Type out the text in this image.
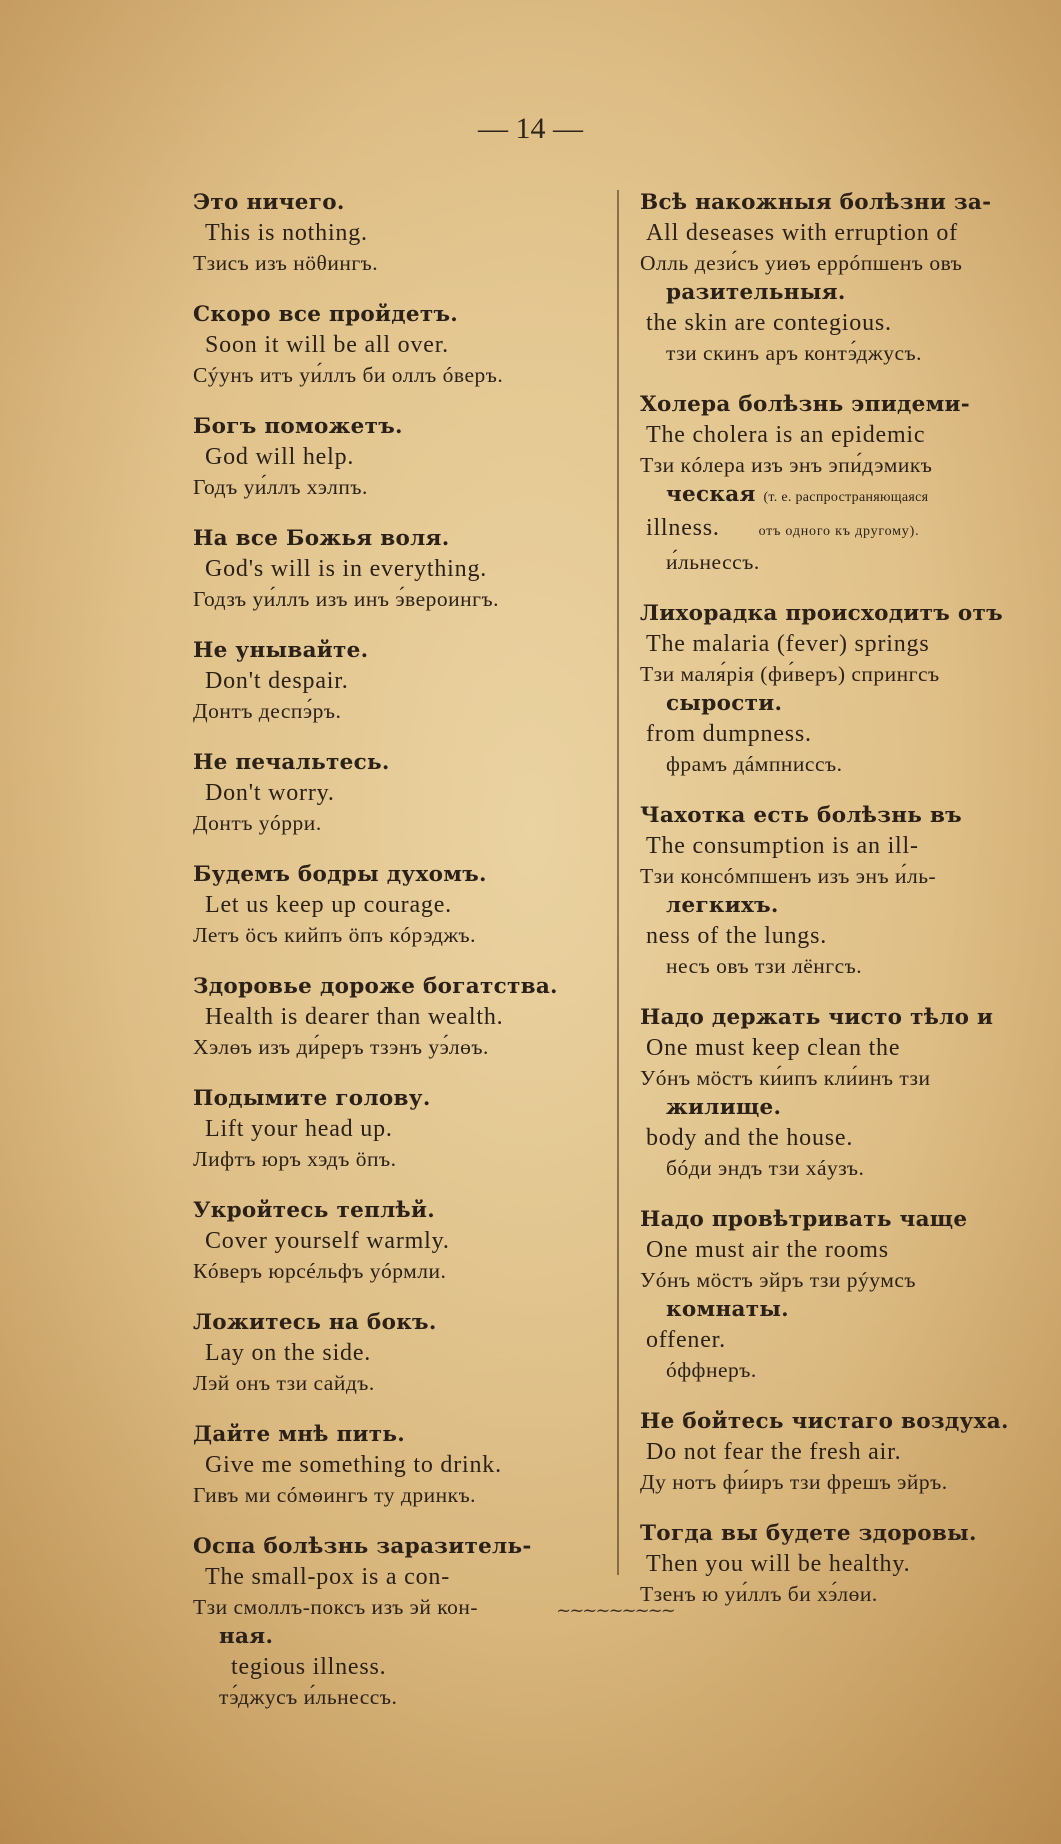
— 14 —
Это ничего.
This is nothing.
Тзисъ изъ нöθингъ.
Скоро все пройдетъ.
Soon it will be all over.
Сýунъ итъ уи́ллъ би оллъ óверъ.
Богъ поможетъ.
God will help.
Годъ уи́ллъ хэлпъ.
На все Божья воля.
God's will is in everything.
Годзъ уи́ллъ изъ инъ э́вероингъ.
Не унывайте.
Don't despair.
Донтъ деспэ́ръ.
Не печальтесь.
Don't worry.
Донтъ уóрри.
Будемъ бодры духомъ.
Let us keep up courage.
Летъ öсъ кийпъ öпъ кóрэджъ.
Здоровье дороже богатства.
Health is dearer than wealth.
Хэлөъ изъ ди́реръ тзэнъ уэ́лөъ.
Подымите голову.
Lift your head up.
Лифтъ юръ хэдъ öпъ.
Укройтесь теплѣй.
Cover yourself warmly.
Кóверъ юрсéльфъ уóрмли.
Ложитесь на бокъ.
Lay on the side.
Лэй онъ тзи сайдъ.
Дайте мнѣ пить.
Give me something to drink.
Гивъ ми сóмөингъ ту дринкъ.
Оспа болѣзнь заразитель-
The small-pox is a con-
Тзи смоллъ-поксъ изъ эй кон-
ная.
tegious illness.
тэ́джусъ и́льнессъ.
Всѣ накожныя болѣзни за-
All deseases with erruption of
Олль дези́съ уиөъ еррóпшенъ овъ
разительныя.
the skin are contegious.
тзи скинъ аръ контэ́джусъ.
Холера болѣзнь эпидеми-
The cholera is an epidemic
Тзи кóлера изъ энъ эпи́дэмикъ
ческая (т. е. распространяющаяся
illness.	отъ одного къ другому).
и́льнессъ.
Лихорадка происходитъ отъ
The malaria (fever) springs
Тзи маля́рія (фи́веръ) спрингсъ
сырости.
from dumpness.
фрамъ дáмпниссъ.
Чахотка есть болѣзнь въ
The consumption is an ill-
Тзи консóмпшенъ изъ энъ и́ль-
легкихъ.
ness of the lungs.
несъ овъ тзи лёнгсъ.
Надо держать чисто тѣло и
One must keep clean the
Уóнъ мöстъ ки́ипъ кли́инъ тзи
жилище.
body and the house.
бóди эндъ тзи хáузъ.
Надо провѣтривать чаще
One must air the rooms
Уóнъ мöстъ эйръ тзи рýумсъ
комнаты.
offener.
óффнеръ.
Не бойтесь чистаго воздуха.
Do not fear the fresh air.
Ду нотъ фи́иръ тзи фрешъ эйръ.
Тогда вы будете здоровы.
Then you will be healthy.
Тзенъ ю уи́ллъ би хэ́лөи.
~~~~~~~~~
